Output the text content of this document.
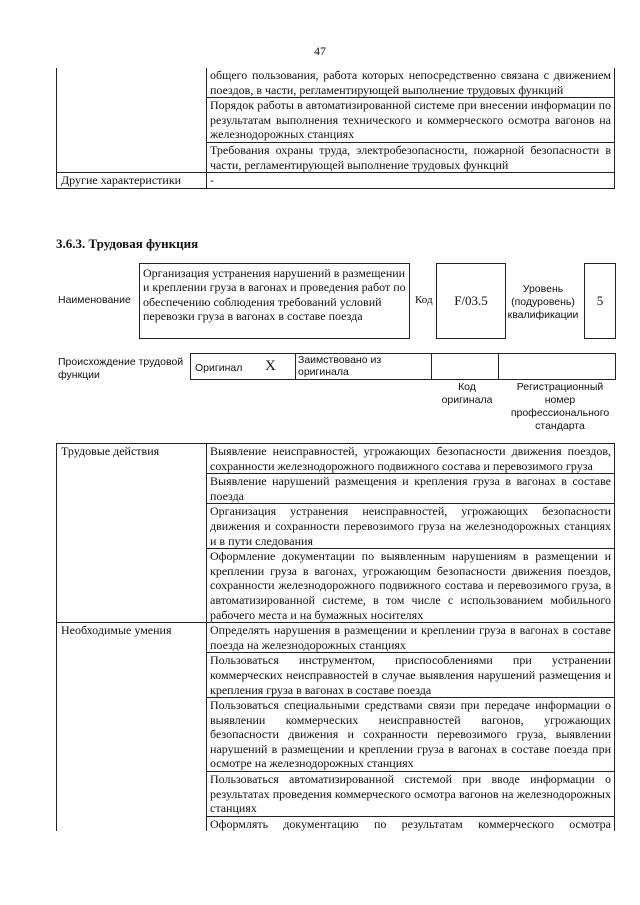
47
	общего пользования, работа которых непосредственно связана с движением поездов, в части, регламентирующей выполнение трудовых функций
	Порядок работы в автоматизированной системе при внесении информации по результатам выполнения технического и коммерческого осмотра вагонов на железнодорожных станциях
	Требования охраны труда, электробезопасности, пожарной безопасности в части, регламентирующей выполнение трудовых функций
Другие характеристики	-
3.6.3. Трудовая функция
Наименование
Организация устранения нарушений в размещении и креплении груза в вагонах и проведения работ по обеспечению соблюдения требований условий перевозки груза в вагонах в составе поезда
Код	F/03.5
Уровень (подуровень) квалификации
5
Происхождение трудовой функции
Оригинал X Заимствовано из оригинала
Код оригинала
Регистрационный номер профессионального стандарта
Трудовые действия	Выявление неисправностей, угрожающих безопасности движения поездов, сохранности железнодорожного подвижного состава и перевозимого груза
	Выявление нарушений размещения и крепления груза в вагонах в составе поезда
	Организация устранения неисправностей, угрожающих безопасности движения и сохранности перевозимого груза на железнодорожных станциях и в пути следования
	Оформление документации по выявленным нарушениям в размещении и креплении груза в вагонах, угрожающим безопасности движения поездов, сохранности железнодорожного подвижного состава и перевозимого груза, в автоматизированной системе, в том числе с использованием мобильного рабочего места и на бумажных носителях
Необходимые умения	Определять нарушения в размещении и креплении груза в вагонах в составе поезда на железнодорожных станциях
	Пользоваться инструментом, приспособлениями при устранении коммерческих неисправностей в случае выявления нарушений размещения и крепления груза в вагонах в составе поезда
	Пользоваться специальными средствами связи при передаче информации о выявлении коммерческих неисправностей вагонов, угрожающих безопасности движения и сохранности перевозимого груза, выявлении нарушений в размещении и креплении груза в вагонах в составе поезда при осмотре на железнодорожных станциях
	Пользоваться автоматизированной системой при вводе информации о результатах проведения коммерческого осмотра вагонов на железнодорожных станциях
	Оформлять документацию по результатам коммерческого осмотра
